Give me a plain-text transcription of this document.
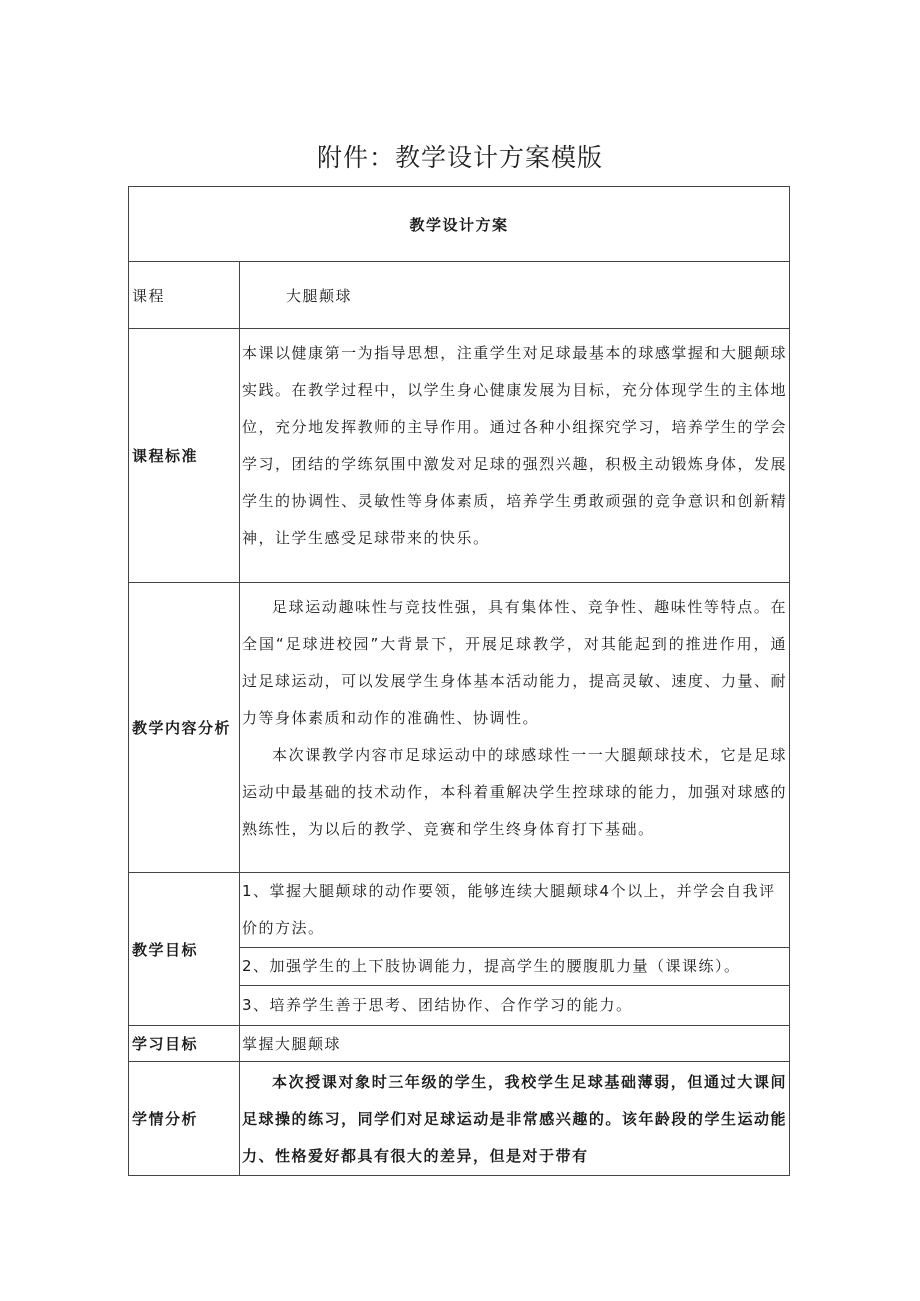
附件：教学设计方案模版
教学设计方案	
课程	大腿颠球
课程标准	本课以健康第一为指导思想，注重学生对足球最基本的球感掌握和大腿颠球实践。在教学过程中，以学生身心健康发展为目标，充分体现学生的主体地位，充分地发挥教师的主导作用。通过各种小组探究学习，培养学生的学会学习，团结的学练氛围中激发对足球的强烈兴趣，积极主动锻炼身体，发展学生的协调性、灵敏性等身体素质，培养学生勇敢顽强的竞争意识和创新精神，让学生感受足球带来的快乐。

教学内容分析	足球运动趣味性与竞技性强，具有集体性、竞争性、趣味性等特点。在全国“足球进校园”大背景下，开展足球教学，对其能起到的推进作用，通过足球运动，可以发展学生身体基本活动能力，提高灵敏、速度、力量、耐力等身体素质和动作的准确性、协调性。

本次课教学内容市足球运动中的球感球性一一大腿颠球技术，它是足球运动中最基础的技术动作，本科着重解决学生控球球的能力，加强对球感的熟练性，为以后的教学、竞赛和学生终身体育打下基础。

教学目标	1、掌握大腿颠球的动作要领，能够连续大腿颠球4个以上，并学会自我评价的方法。

	2、加强学生的上下肢协调能力，提高学生的腰腹肌力量（课课练）。

	3、培养学生善于思考、团结协作、合作学习的能力。

学习目标	掌握大腿颠球
学情分析	本次授课对象时三年级的学生，我校学生足球基础薄弱，但通过大课间足球操的练习，同学们对足球运动是非常感兴趣的。该年龄段的学生运动能力、性格爱好都具有很大的差异，但是对于带有
